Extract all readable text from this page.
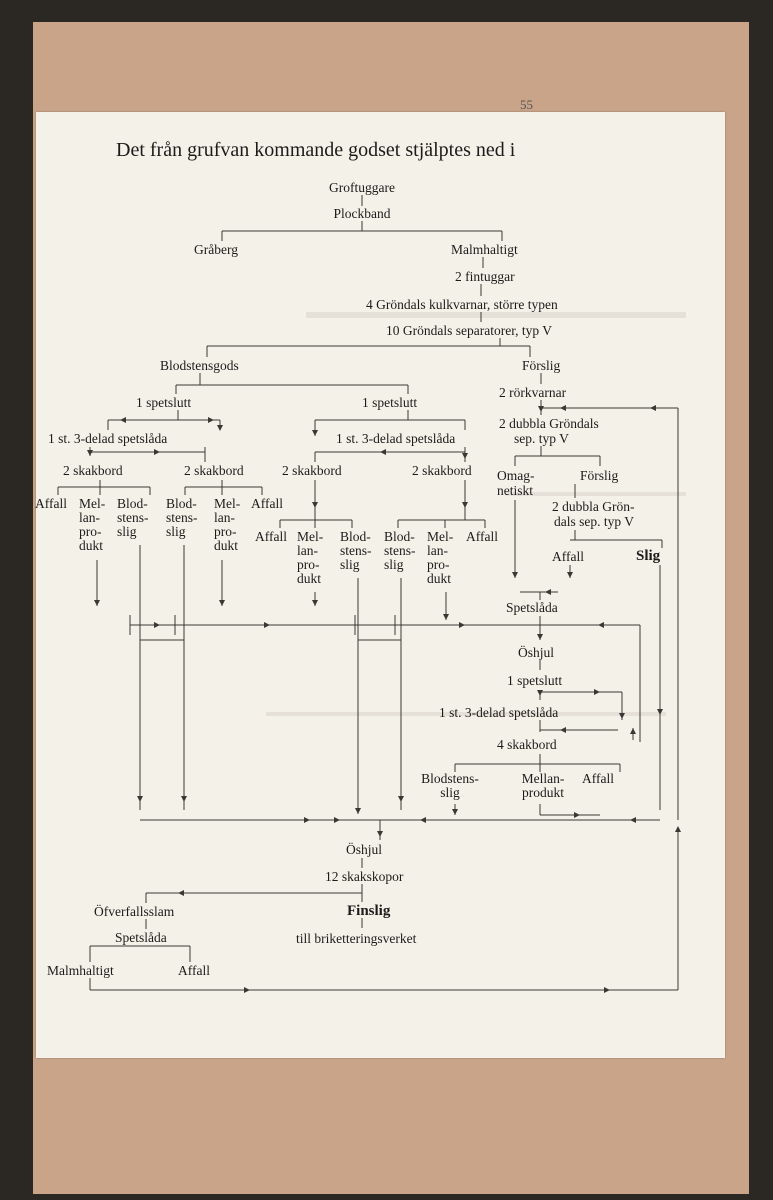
55
Det från grufvan kommande godset stjälptes ned i
Groftuggare
Plockband
Gråberg	Malmhaltigt
2 fintuggar
4 Gröndals kulkvarnar, större typen
10 Gröndals separatorer, typ V
Blodstensgods	Förslig
1 spetslutt	1 spetslutt
2 rörkvarnar
2 dubbla Gröndals
sep. typ V
1 st. 3-delad spetslåda	1 st. 3-delad spetslåda
2 skakbord	2 skakbord	2 skakbord	2 skakbord Omag-
netiskt
Förslig
2 dubbla Grön-
dals sep. typ V
Affall Mel-
lan-
pro-
dukt
Blod-
stens-
slig
Blod-
stens-
slig
Mel-
lan-
pro-
dukt
Affall
Affall Mel-
lan-
pro-
dukt
Blod-
stens-
slig
Blod-
stens-
slig
Mel-
lan-
pro-
dukt
Affall
Affall	Slig
Spetslåda
Öshjul
1 spetslutt
1 st. 3-delad spetslåda
4 skakbord
Blodstens-
slig
Mellan-
produkt
Affall
Öshjul
12 skakskopor
Öfverfallsslam	Finslig
Spetslåda	till briketteringsverket
Malmhaltigt	Affall
